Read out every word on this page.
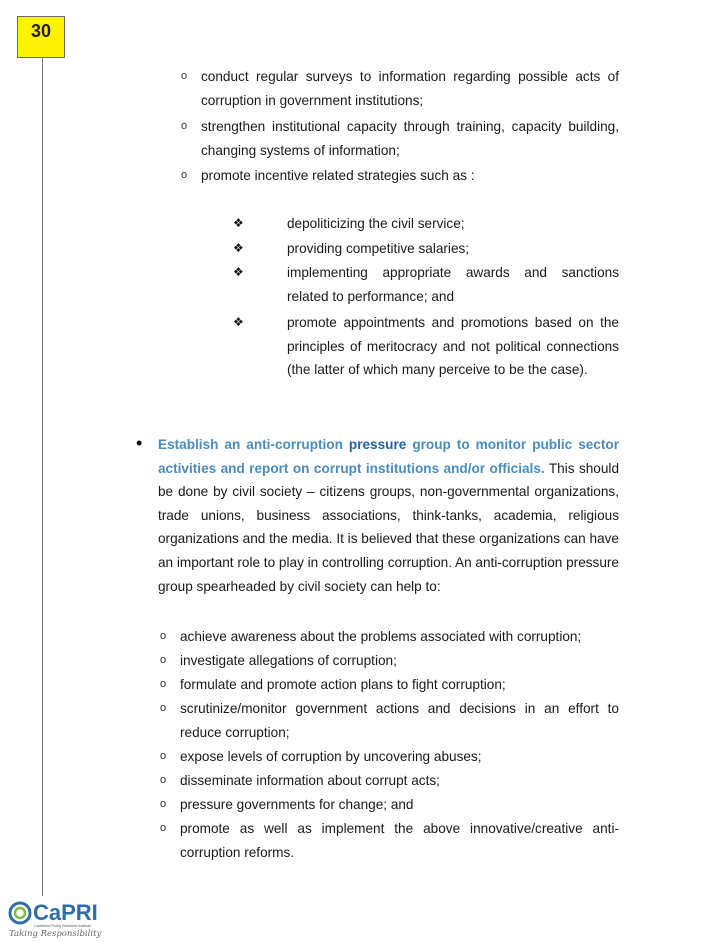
30
o conduct regular surveys to information regarding possible acts of corruption in government institutions;
o strengthen institutional capacity through training, capacity building, changing systems of information;
o promote incentive related strategies such as :
❖	depoliticizing the civil service;
❖	providing competitive salaries;
❖	implementing appropriate awards and sanctions related to performance; and
❖	promote appointments and promotions based on the principles of meritocracy and not political connections (the latter of which many perceive to be the case).
• Establish an anti-corruption pressure group to monitor public sector activities and report on corrupt institutions and/or officials. This should be done by civil society – citizens groups, non-governmental organizations, trade unions, business associations, think-tanks, academia, religious organizations and the media. It is believed that these organizations can have an important role to play in controlling corruption. An anti-corruption pressure group spearheaded by civil society can help to:
o achieve awareness about the problems associated with corruption;
o investigate allegations of corruption;
o formulate and promote action plans to fight corruption;
o scrutinize/monitor government actions and decisions in an effort to reduce corruption;
o expose levels of corruption by uncovering abuses;
o disseminate information about corrupt acts;
o pressure governments for change; and
o promote as well as implement the above innovative/creative anti-corruption reforms.
CaPRI
Caribbean Policy Research Institute
Taking Responsibility
